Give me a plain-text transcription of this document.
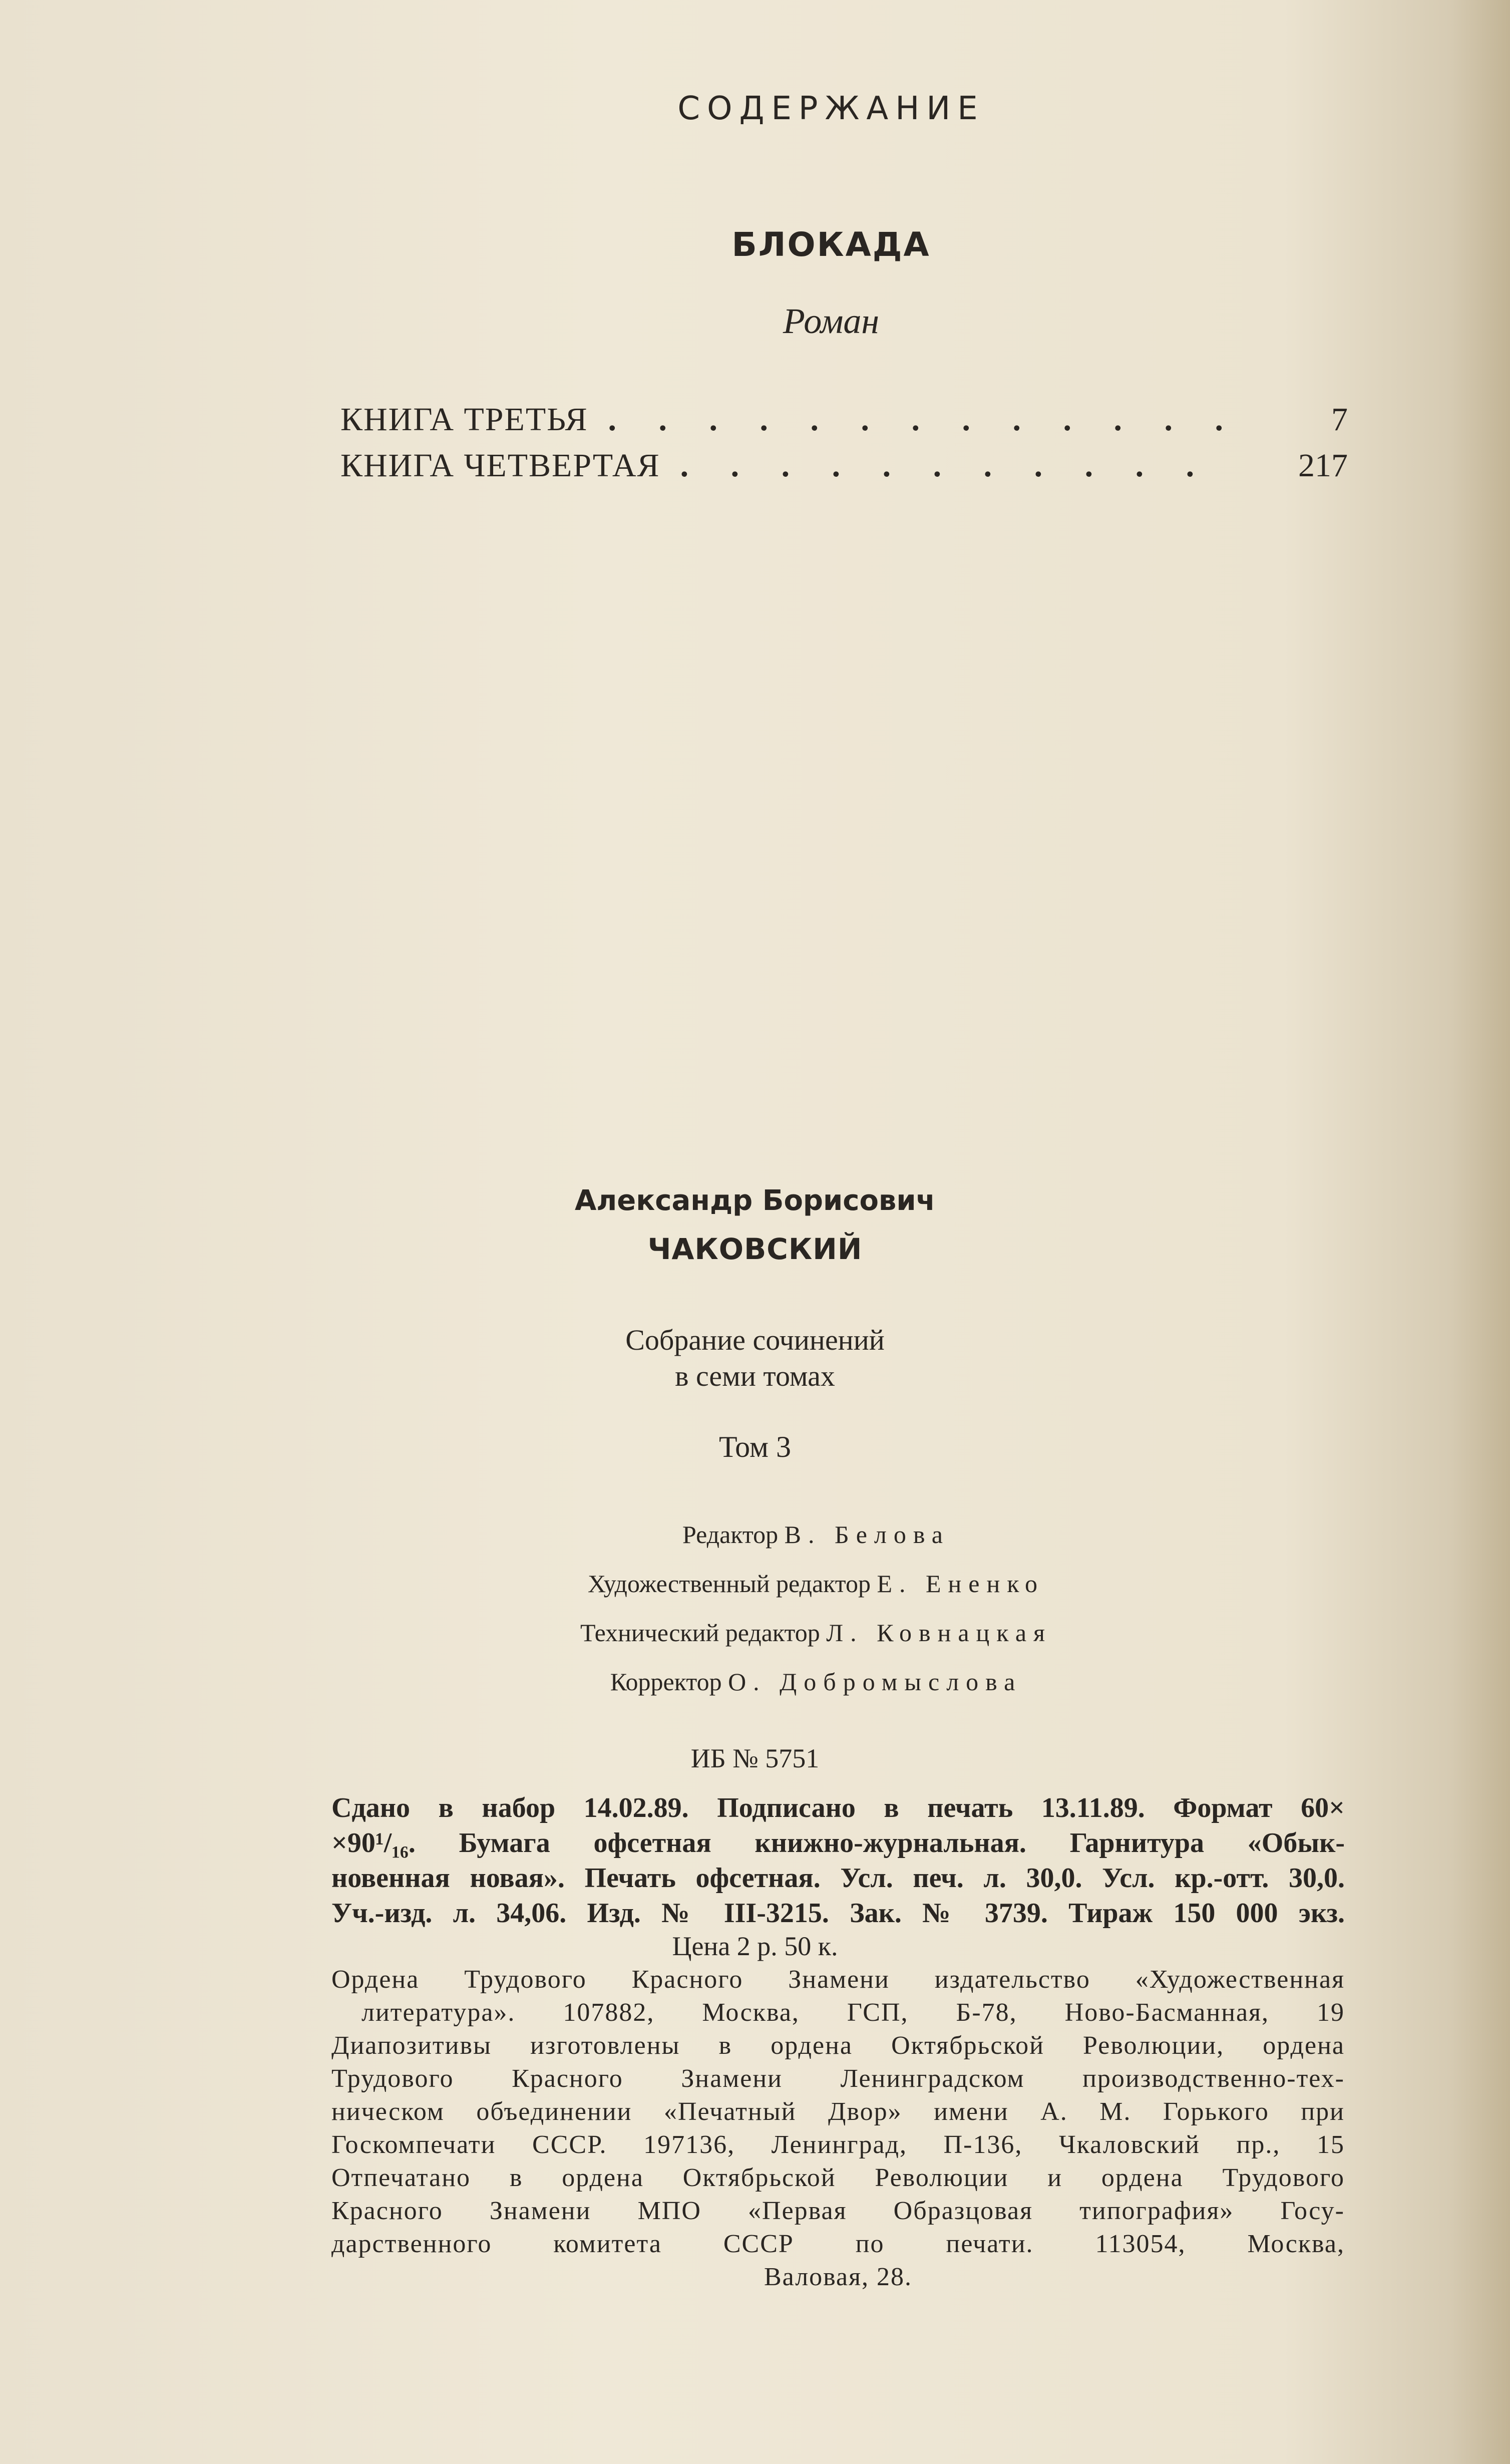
СОДЕРЖАНИЕ
БЛОКАДА
Роман
КНИГА ТРЕТЬЯ . . . . . . . . . . . . .	7
КНИГА ЧЕТВЕРТАЯ . . . . . . . . . . .	217
Александр Борисович
ЧАКОВСКИЙ
Собрание сочинений
в семи томах
Том 3
Редактор В. Белова
Художественный редактор Е. Ененко
Технический редактор Л. Ковнацкая
Корректор О. Добромыслова
ИБ № 5751
Сдано в набор 14.02.89. Подписано в печать 13.11.89. Формат 60×
×90¹/₁₆. Бумага офсетная книжно-журнальная. Гарнитура «Обык-
новенная новая». Печать офсетная. Усл. печ. л. 30,0. Усл. кр.-отт. 30,0.
Уч.-изд. л. 34,06. Изд. № III-3215. Зак. № 3739. Тираж 150 000 экз.
Цена 2 р. 50 к.
Ордена Трудового Красного Знамени издательство «Художественная
литература». 107882, Москва, ГСП, Б-78, Ново-Басманная, 19
Диапозитивы изготовлены в ордена Октябрьской Революции, ордена
Трудового Красного Знамени Ленинградском производственно-тех-
ническом объединении «Печатный Двор» имени А. М. Горького при
Госкомпечати СССР. 197136, Ленинград, П-136, Чкаловский пр., 15
Отпечатано в ордена Октябрьской Революции и ордена Трудового
Красного Знамени МПО «Первая Образцовая типография» Госу-
дарственного комитета СССР по печати. 113054, Москва,
Валовая, 28.
